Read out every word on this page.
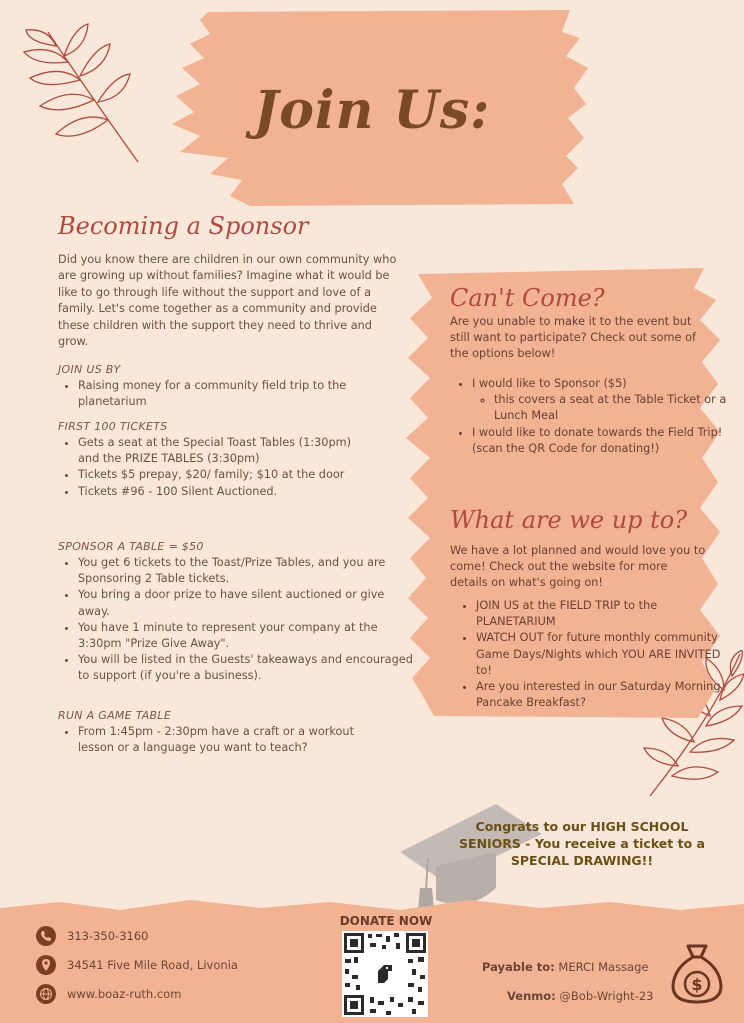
Join Us:
Becoming a Sponsor
Did you know there are children in our own community who are growing up without families? Imagine what it would be like to go through life without the support and love of a family. Let's come together as a community and provide these children with the support they need to thrive and grow.
JOIN US BY
• Raising money for a community field trip to the planetarium
FIRST 100 TICKETS
• Gets a seat at the Special Toast Tables (1:30pm) and the PRIZE TABLES (3:30pm)
• Tickets $5 prepay, $20/ family; $10 at the door
• Tickets #96 - 100 Silent Auctioned.
SPONSOR A TABLE = $50
• You get 6 tickets to the Toast/Prize Tables, and you are Sponsoring 2 Table tickets.
• You bring a door prize to have silent auctioned or give away.
• You have 1 minute to represent your company at the 3:30pm "Prize Give Away".
• You will be listed in the Guests' takeaways and encouraged to support (if you're a business).
RUN A GAME TABLE
• From 1:45pm - 2:30pm have a craft or a workout lesson or a language you want to teach?
Can't Come?
Are you unable to make it to the event but still want to participate? Check out some of the options below!
• I would like to Sponsor ($5)
◦ this covers a seat at the Table Ticket or a Lunch Meal
• I would like to donate towards the Field Trip! (scan the QR Code for donating!)
What are we up to?
We have a lot planned and would love you to come! Check out the website for more details on what's going on!
• JOIN US at the FIELD TRIP to the PLANETARIUM
• WATCH OUT for future monthly community Game Days/Nights which YOU ARE INVITED to!
• Are you interested in our Saturday Morning Pancake Breakfast?
Congrats to our HIGH SCHOOL
SENIORS - You receive a ticket to a
SPECIAL DRAWING!!
313-350-3160
34541 Five Mile Road, Livonia
www.boaz-ruth.com
DONATE NOW
Payable to: MERCI Massage
Venmo: @Bob-Wright-23
$
